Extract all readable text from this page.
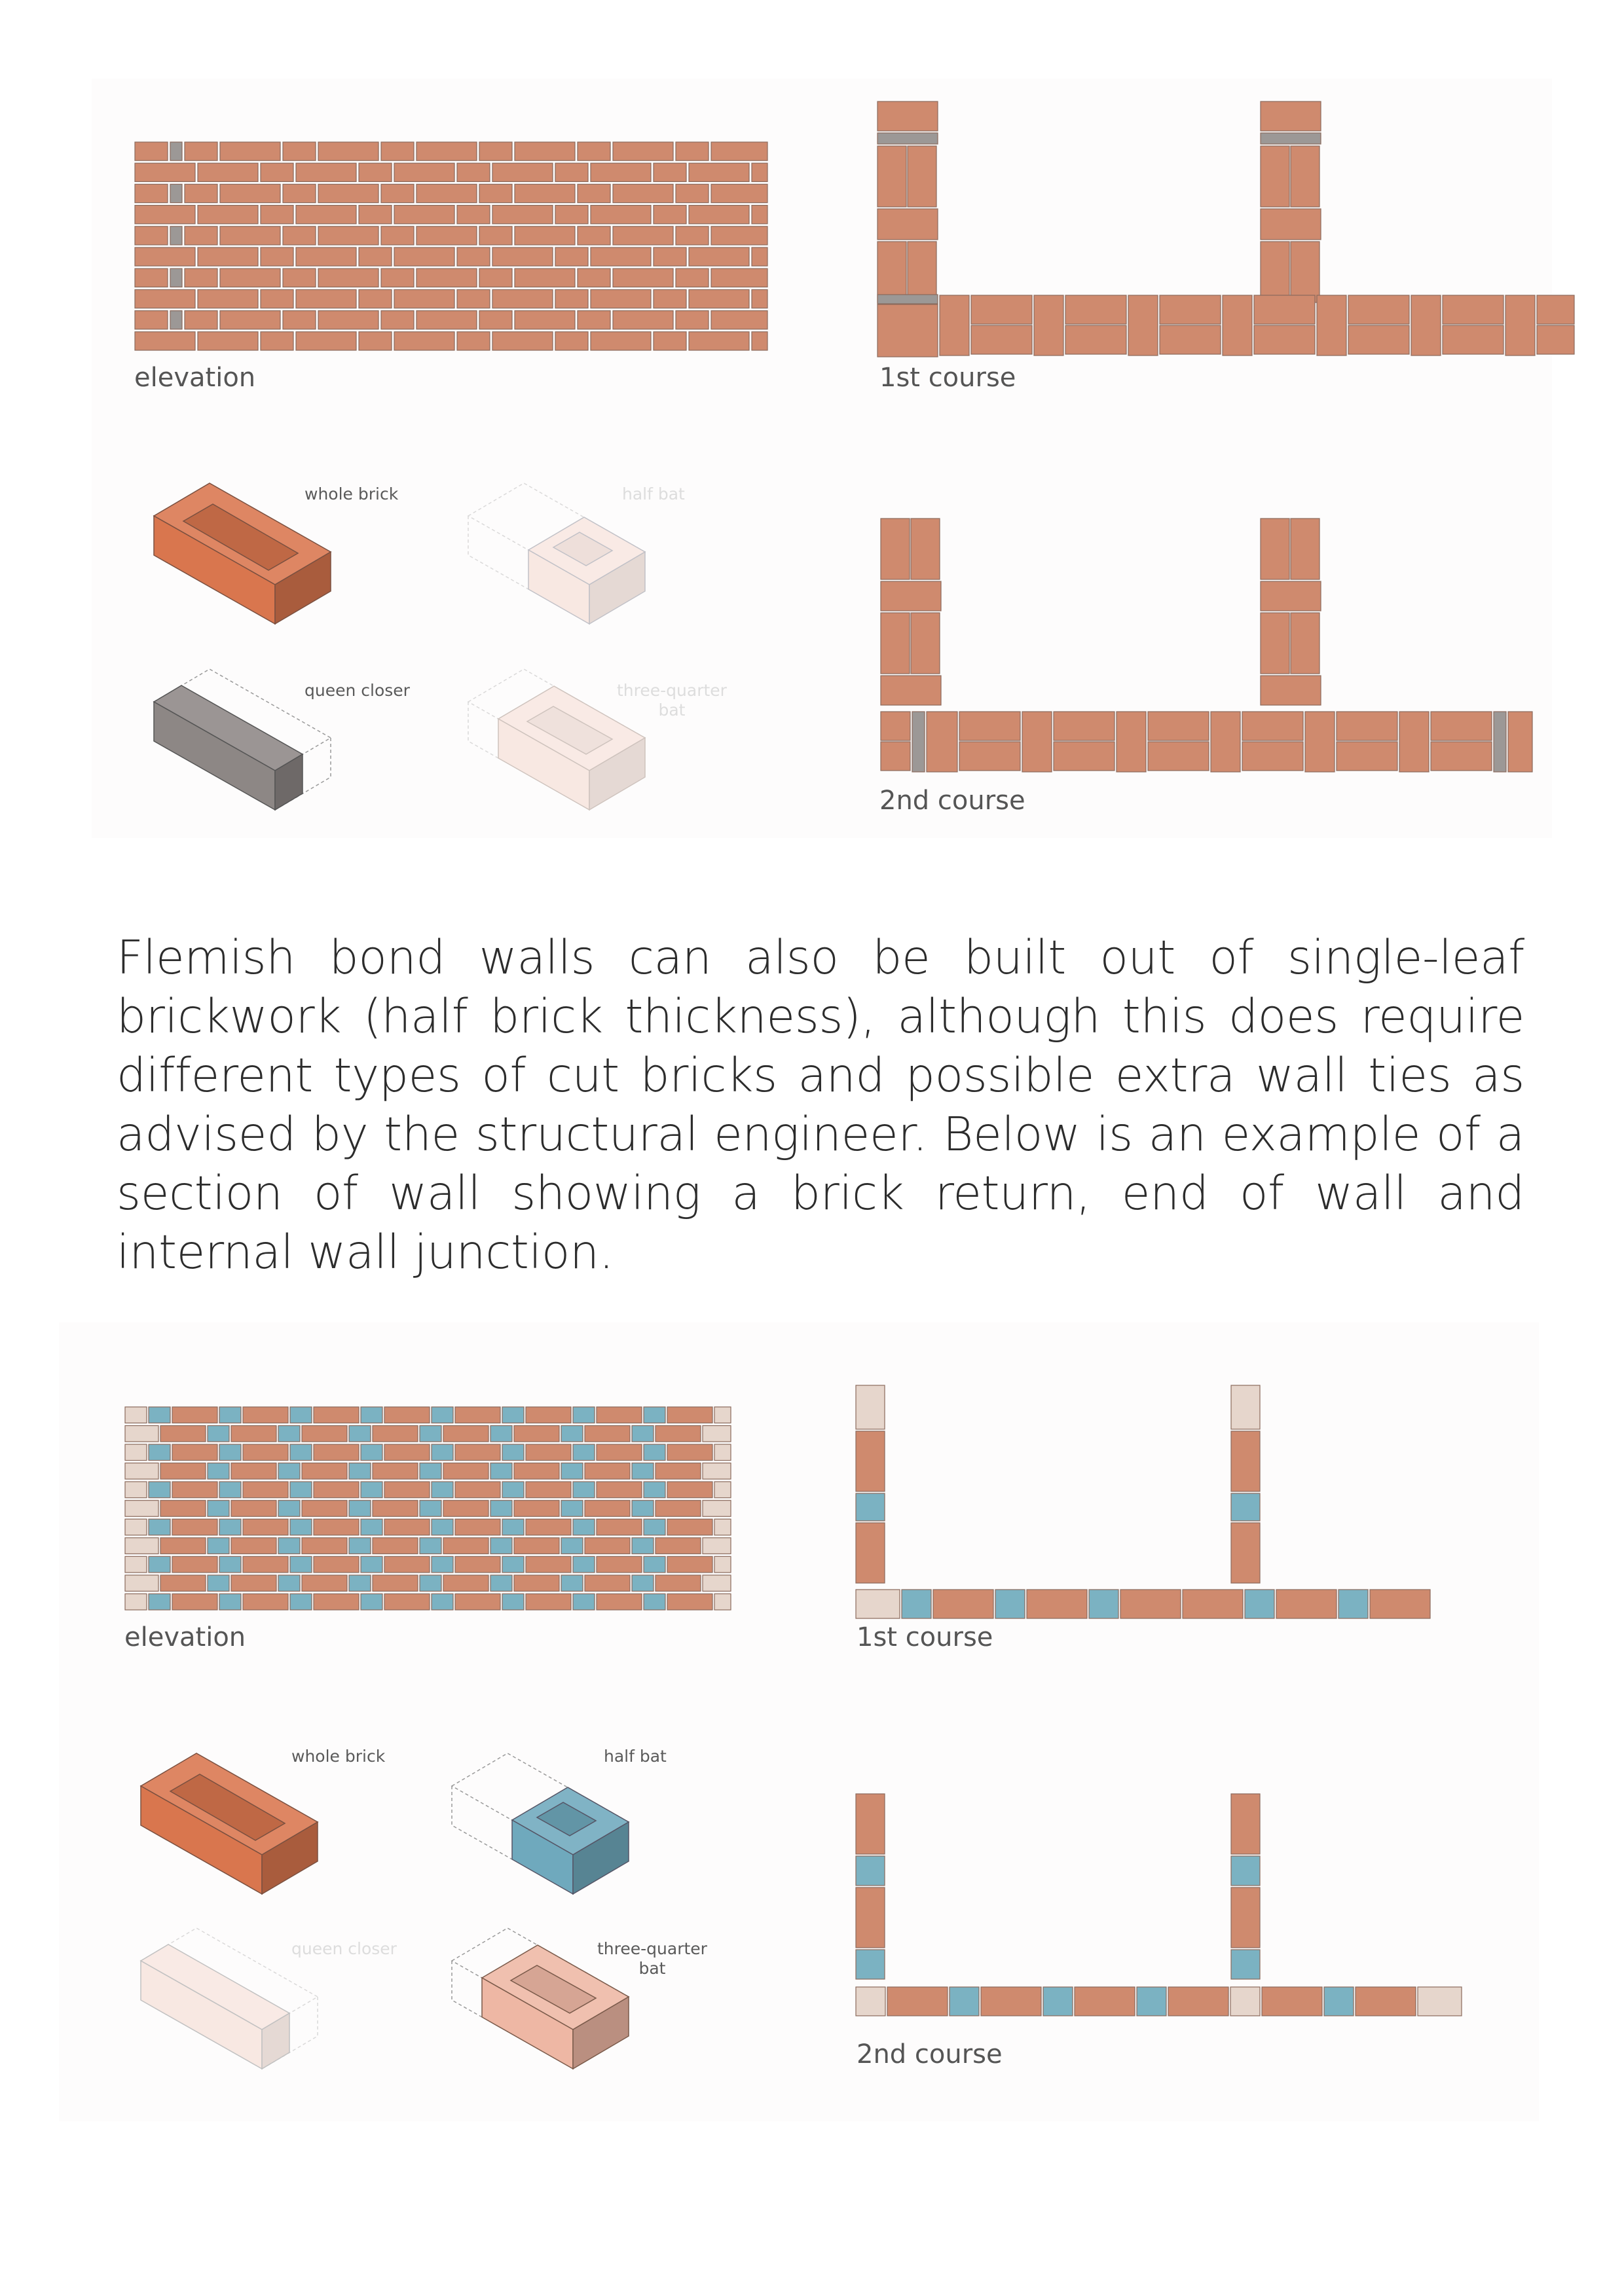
elevation	1st course
2nd course
whole brick	half bat
queen closer	three-quarter
bat
Flemish bond walls can also be built out of single-leaf brickwork (half brick thickness), although this does require different types of cut bricks and possible extra wall ties as advised by the structural engineer. Below is an example of a section of wall showing a brick return, end of wall and internal wall junction.
elevation	1st course
2nd course
whole brick	half bat
queen closer	three-quarter
bat
